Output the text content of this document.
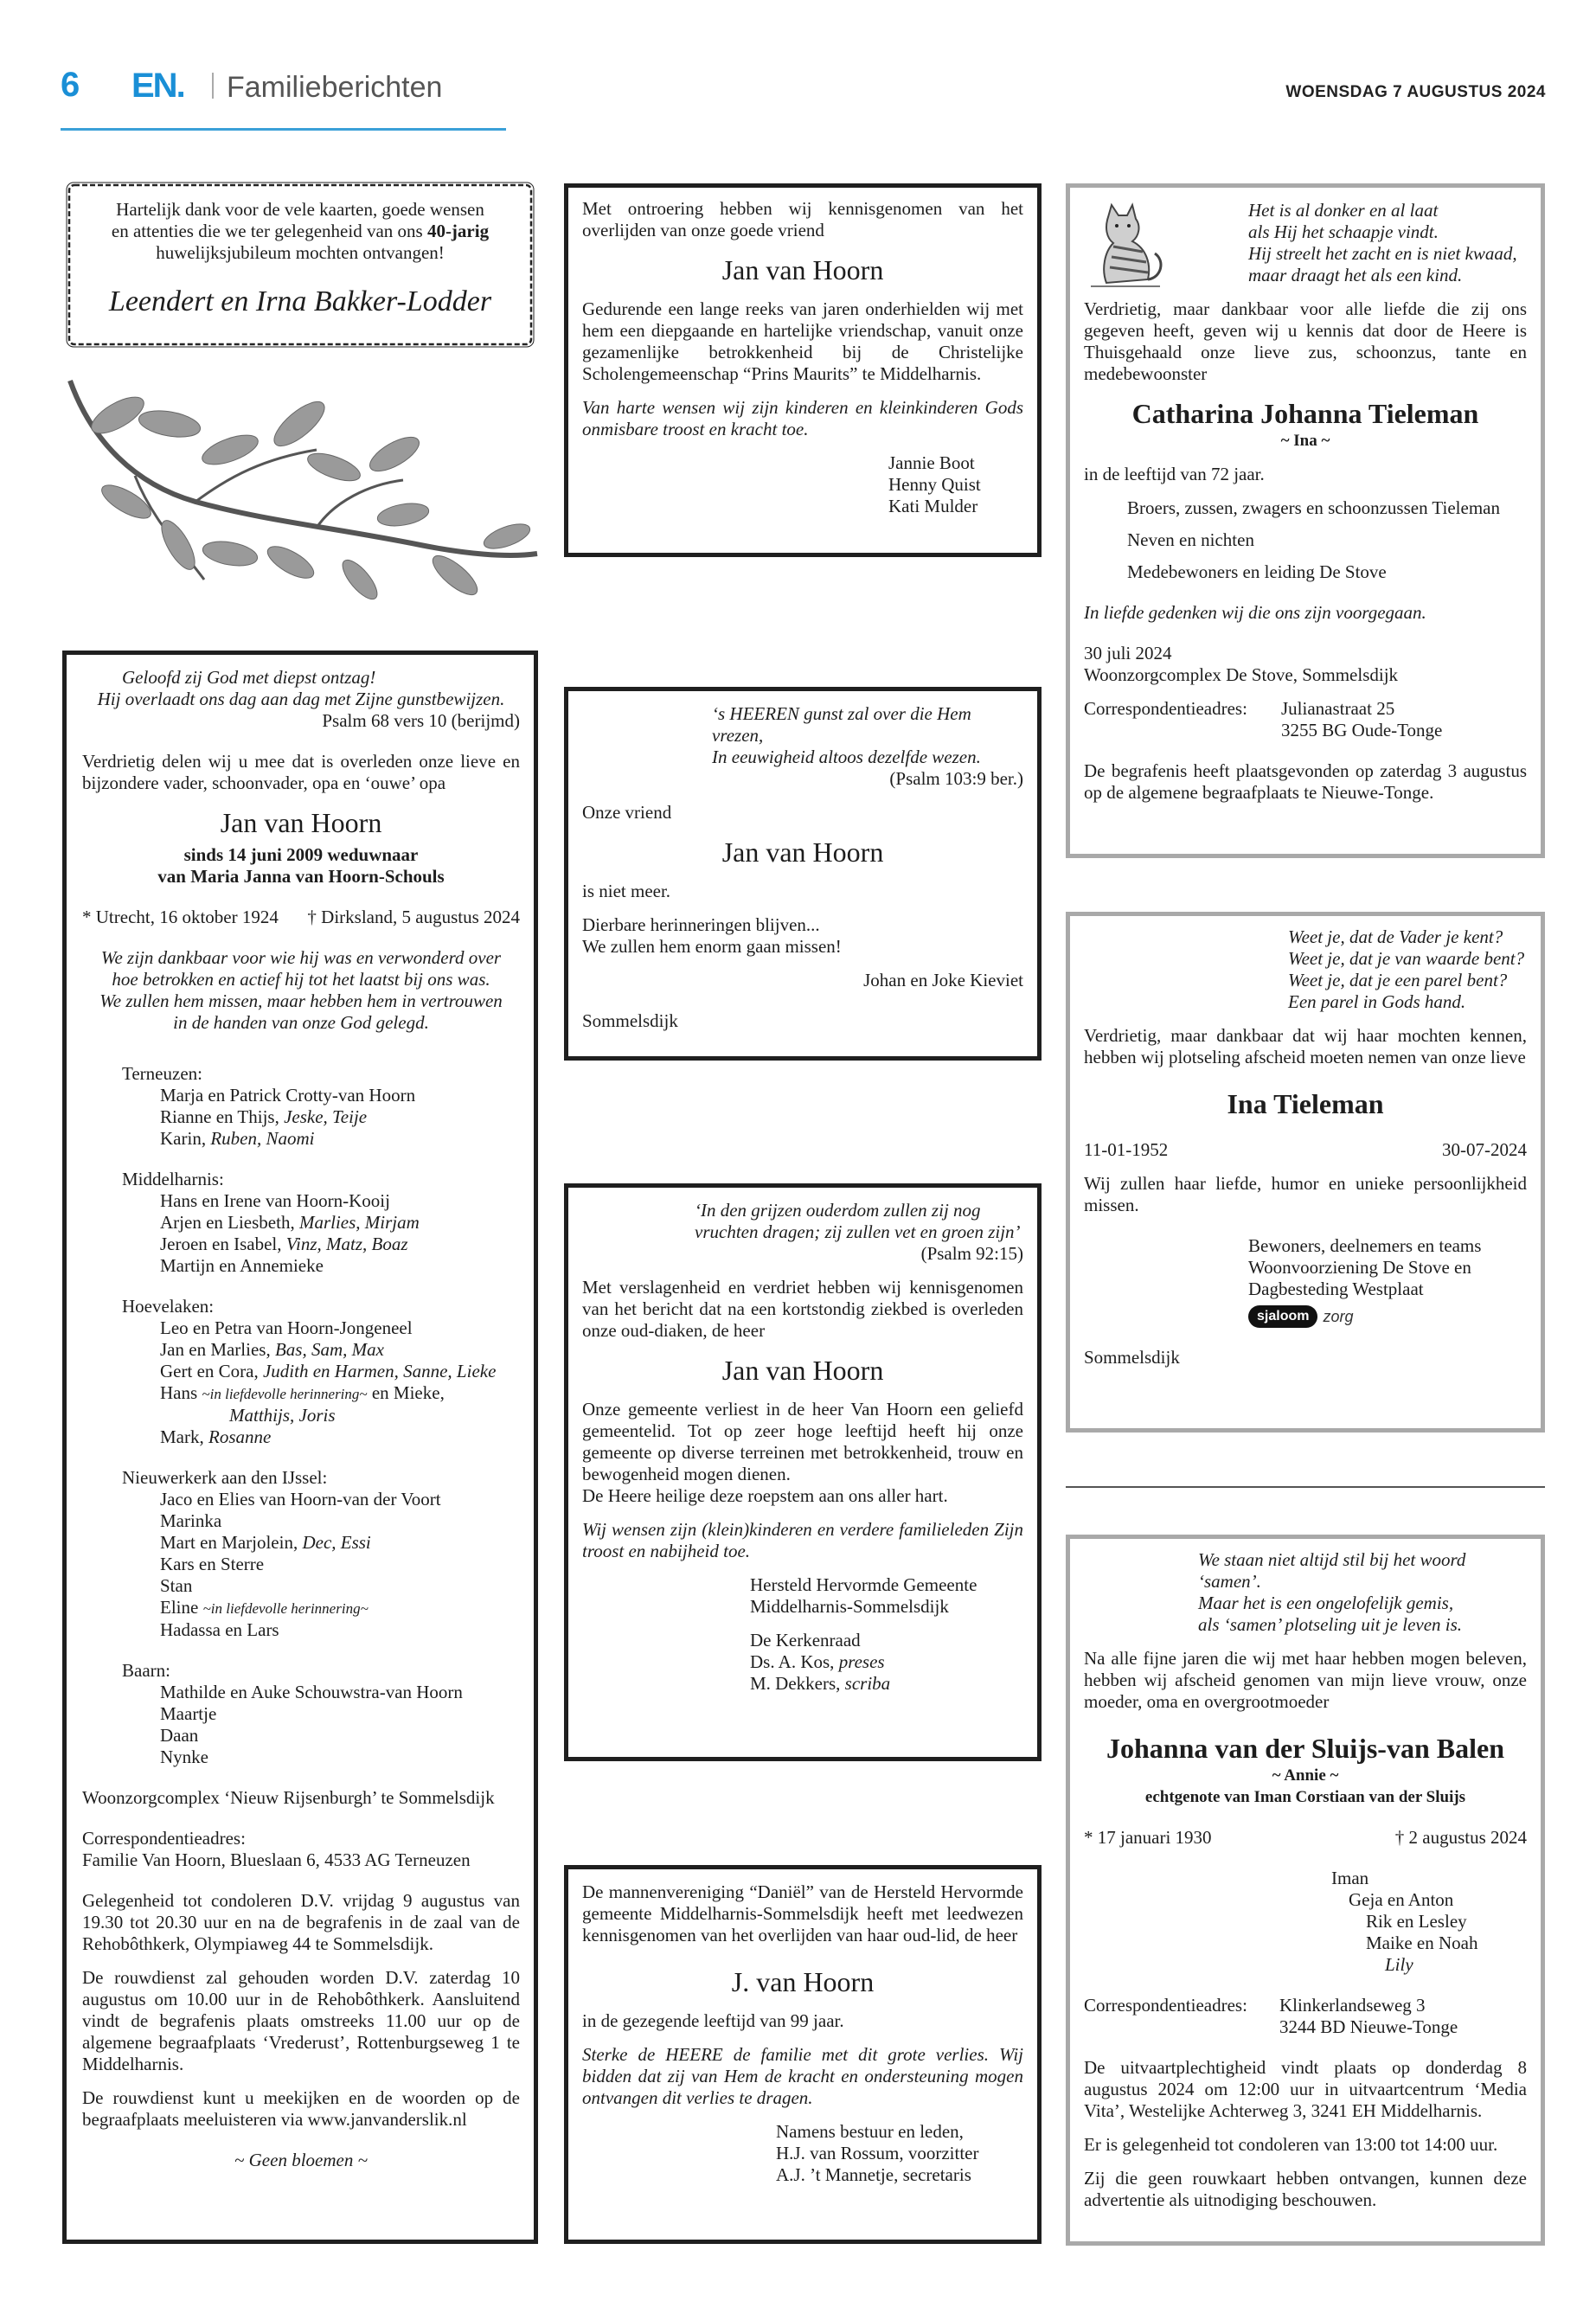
6 EN.	Familieberichten	WOENSDAG 7 AUGUSTUS 2024

Hartelijk dank voor de vele kaarten, goede wensen

en attenties die we ter gelegenheid van ons 40-jarig

huwelijksjubileum mochten ontvangen!

Leendert en Irna Bakker-Lodder

Geloofd zij God met diepst ontzag!

Hij overlaadt ons dag aan dag met Zijne gunstbewijzen.

Psalm 68 vers 10 (berijmd)

Verdrietig delen wij u mee dat is overleden onze lieve en bijzondere vader, schoonvader, opa en ‘ouwe’ opa

Jan van Hoorn

sinds 14 juni 2009 weduwnaar

van Maria Janna van Hoorn-Schouls

* Utrecht, 16 oktober 1924 † Dirksland, 5 augustus 2024

We zijn dankbaar voor wie hij was en verwonderd over

hoe betrokken en actief hij tot het laatst bij ons was.

We zullen hem missen, maar hebben hem in vertrouwen

in de handen van onze God gelegd.

Terneuzen:

Marja en Patrick Crotty-van Hoorn

Rianne en Thijs, Jeske, Teije

Karin, Ruben, Naomi

Middelharnis:

Hans en Irene van Hoorn-Kooij

Arjen en Liesbeth, Marlies, Mirjam

Jeroen en Isabel, Vinz, Matz, Boaz

Martijn en Annemieke

Hoevelaken:

Leo en Petra van Hoorn-Jongeneel

Jan en Marlies, Bas, Sam, Max

Gert en Cora, Judith en Harmen, Sanne, Lieke

Hans ~in liefdevolle herinnering~ en Mieke,

Matthijs, Joris

Mark, Rosanne

Nieuwerkerk aan den IJssel:

Jaco en Elies van Hoorn-van der Voort

Marinka

Mart en Marjolein, Dec, Essi

Kars en Sterre

Stan

Eline ~in liefdevolle herinnering~

Hadassa en Lars

Baarn:

Mathilde en Auke Schouwstra-van Hoorn

Maartje

Daan

Nynke

Woonzorgcomplex ‘Nieuw Rijsenburgh’ te Sommelsdijk

Correspondentieadres:

Familie Van Hoorn, Blueslaan 6, 4533 AG Terneuzen

Gelegenheid tot condoleren D.V. vrijdag 9 augustus van 19.30 tot 20.30 uur en na de begrafenis in de zaal van de Rehobôthkerk, Olympiaweg 44 te Sommelsdijk.

De rouwdienst zal gehouden worden D.V. zaterdag 10 augustus om 10.00 uur in de Rehobôthkerk. Aansluitend vindt de begrafenis plaats omstreeks 11.00 uur op de algemene begraafplaats ‘Vrederust’, Rottenburgseweg 1 te Middelharnis.

De rouwdienst kunt u meekijken en de woorden op de begraafplaats meeluisteren via www.janvanderslik.nl

~ Geen bloemen ~

Met ontroering hebben wij kennisgenomen van het overlijden van onze goede vriend

Jan van Hoorn

Gedurende een lange reeks van jaren onderhielden wij met hem een diepgaande en hartelijke vriendschap, vanuit onze gezamenlijke betrokkenheid bij de Christelijke Scholengemeenschap “Prins Maurits” te Middelharnis.

Van harte wensen wij zijn kinderen en kleinkinderen Gods onmisbare troost en kracht toe.

Jannie Boot

Henny Quist

Kati Mulder

‘s HEEREN gunst zal over die Hem vrezen,

In eeuwigheid altoos dezelfde wezen.

(Psalm 103:9 ber.)

Onze vriend

Jan van Hoorn

is niet meer.

Dierbare herinneringen blijven...

We zullen hem enorm gaan missen!

Johan en Joke Kieviet

Sommelsdijk

‘In den grijzen ouderdom zullen zij nog

vruchten dragen; zij zullen vet en groen zijn’

(Psalm 92:15)

Met verslagenheid en verdriet hebben wij kennisgenomen van het bericht dat na een kortstondig ziekbed is overleden onze oud-diaken, de heer

Jan van Hoorn

Onze gemeente verliest in de heer Van Hoorn een geliefd gemeentelid. Tot op zeer hoge leeftijd heeft hij onze gemeente op diverse terreinen met betrokkenheid, trouw en bewogenheid mogen dienen.

De Heere heilige deze roepstem aan ons aller hart.

Wij wensen zijn (klein)kinderen en verdere familieleden Zijn troost en nabijheid toe.

Hersteld Hervormde Gemeente

Middelharnis-Sommelsdijk

De Kerkenraad

Ds. A. Kos, preses

M. Dekkers, scriba

De mannenvereniging “Daniël” van de Hersteld Hervormde gemeente Middelharnis-Sommelsdijk heeft met leedwezen kennisgenomen van het overlijden van haar oud-lid, de heer

J. van Hoorn

in de gezegende leeftijd van 99 jaar.

Sterke de HEERE de familie met dit grote verlies. Wij bidden dat zij van Hem de kracht en ondersteuning mogen ontvangen dit verlies te dragen.

Namens bestuur en leden,

H.J. van Rossum, voorzitter

A.J. ’t Mannetje, secretaris

Het is al donker en al laat

als Hij het schaapje vindt.

Hij streelt het zacht en is niet kwaad,

maar draagt het als een kind.

Verdrietig, maar dankbaar voor alle liefde die zij ons gegeven heeft, geven wij u kennis dat door de Heere is Thuisgehaald onze lieve zus, schoonzus, tante en medebewoonster

Catharina Johanna Tieleman

~ Ina ~

in de leeftijd van 72 jaar.

Broers, zussen, zwagers en schoonzussen Tieleman

Neven en nichten

Medebewoners en leiding De Stove

In liefde gedenken wij die ons zijn voorgegaan.

30 juli 2024

Woonzorgcomplex De Stove, Sommelsdijk

Correspondentieadres:	Julianastraat 25
3255 BG Oude-Tonge

De begrafenis heeft plaatsgevonden op zaterdag 3 augustus op de algemene begraafplaats te Nieuwe-Tonge.

Weet je, dat de Vader je kent?

Weet je, dat je van waarde bent?

Weet je, dat je een parel bent?

Een parel in Gods hand.

Verdrietig, maar dankbaar dat wij haar mochten kennen, hebben wij plotseling afscheid moeten nemen van onze lieve

Ina Tieleman

11-01-1952	30-07-2024

Wij zullen haar liefde, humor en unieke persoonlijkheid missen.

Bewoners, deelnemers en teams

Woonvoorziening De Stove en

Dagbesteding Westplaat

sjaloom zorg

Sommelsdijk

We staan niet altijd stil bij het woord ‘samen’.

Maar het is een ongelofelijk gemis,

als ‘samen’ plotseling uit je leven is.

Na alle fijne jaren die wij met haar hebben mogen beleven, hebben wij afscheid genomen van mijn lieve vrouw, onze moeder, oma en overgrootmoeder

Johanna van der Sluijs-van Balen

~ Annie ~

echtgenote van Iman Corstiaan van der Sluijs

* 17 januari 1930	† 2 augustus 2024

Iman

Geja en Anton

Rik en Lesley

Maike en Noah

Lily

Correspondentieadres:	Klinkerlandseweg 3
3244 BD Nieuwe-Tonge

De uitvaartplechtigheid vindt plaats op donderdag 8 augustus 2024 om 12:00 uur in uitvaartcentrum ‘Media Vita’, Westelijke Achterweg 3, 3241 EH Middelharnis.

Er is gelegenheid tot condoleren van 13:00 tot 14:00 uur.

Zij die geen rouwkaart hebben ontvangen, kunnen deze advertentie als uitnodiging beschouwen.
